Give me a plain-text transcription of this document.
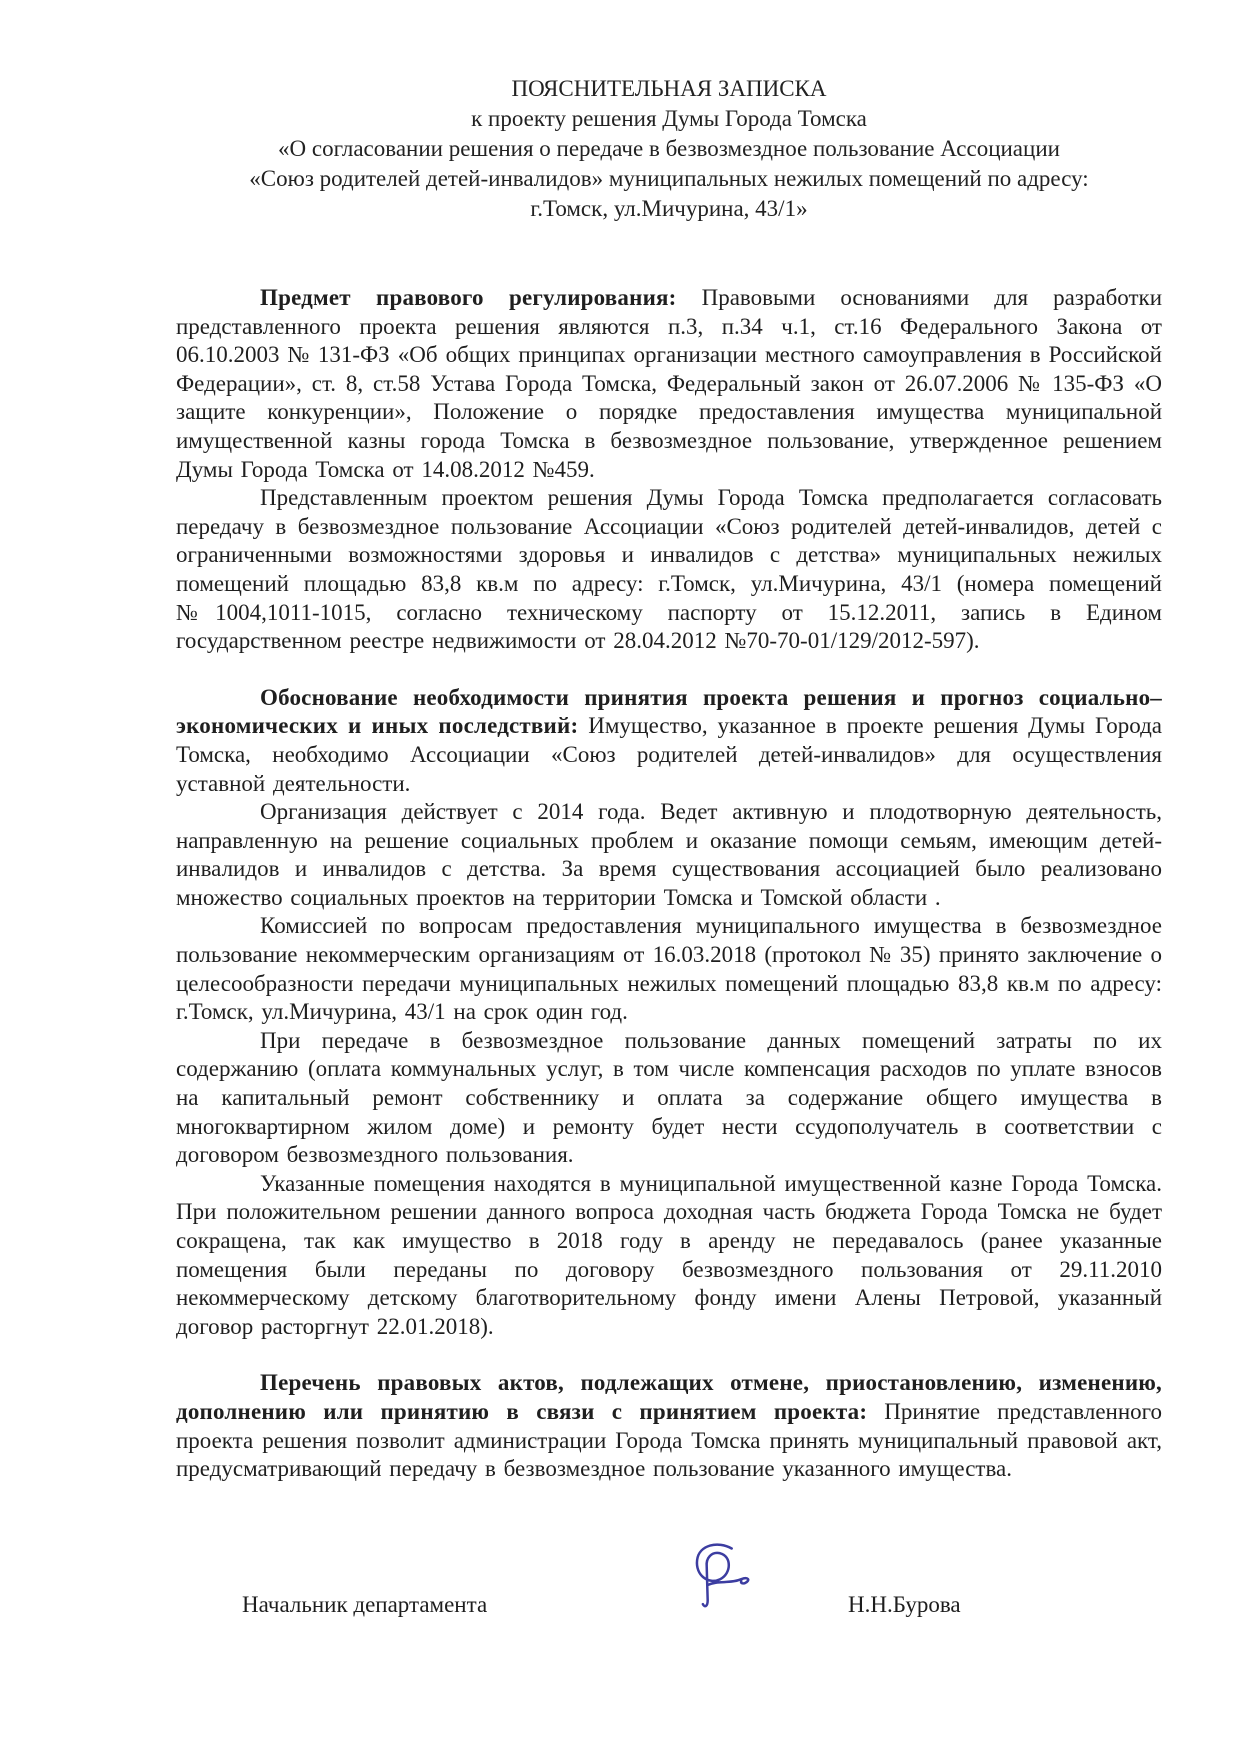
ПОЯСНИТЕЛЬНАЯ ЗАПИСКА
к проекту решения Думы Города Томска
«О согласовании решения о передаче в безвозмездное пользование Ассоциации
«Союз родителей детей-инвалидов» муниципальных нежилых помещений по адресу:
г.Томск, ул.Мичурина, 43/1»

Предмет правового регулирования: Правовыми основаниями для разработки представленного проекта решения являются п.3, п.34 ч.1, ст.16 Федерального Закона от 06.10.2003 № 131-ФЗ «Об общих принципах организации местного самоуправления в Российской Федерации», ст. 8, ст.58 Устава Города Томска, Федеральный закон от 26.07.2006 № 135-ФЗ «О защите конкуренции», Положение о порядке предоставления имущества муниципальной имущественной казны города Томска в безвозмездное пользование, утвержденное решением Думы Города Томска от 14.08.2012 №459.

Представленным проектом решения Думы Города Томска предполагается согласовать передачу в безвозмездное пользование Ассоциации «Союз родителей детей-инвалидов, детей с ограниченными возможностями здоровья и инвалидов с детства» муниципальных нежилых помещений площадью 83,8 кв.м по адресу: г.Томск, ул.Мичурина, 43/1 (номера помещений №1004,1011-1015, согласно техническому паспорту от 15.12.2011, запись в Едином государственном реестре недвижимости от 28.04.2012 №70-70-01/129/2012-597).

Обоснование необходимости принятия проекта решения и прогноз социально–экономических и иных последствий: Имущество, указанное в проекте решения Думы Города Томска, необходимо Ассоциации «Союз родителей детей-инвалидов» для осуществления уставной деятельности.

Организация действует с 2014 года. Ведет активную и плодотворную деятельность, направленную на решение социальных проблем и оказание помощи семьям, имеющим детей-инвалидов и инвалидов с детства. За время существования ассоциацией было реализовано множество социальных проектов на территории Томска и Томской области .

Комиссией по вопросам предоставления муниципального имущества в безвозмездное пользование некоммерческим организациям от 16.03.2018 (протокол № 35) принято заключение о целесообразности передачи муниципальных нежилых помещений площадью 83,8 кв.м по адресу: г.Томск, ул.Мичурина, 43/1 на срок один год.

При передаче в безвозмездное пользование данных помещений затраты по их содержанию (оплата коммунальных услуг, в том числе компенсация расходов по уплате взносов на капитальный ремонт собственнику и оплата за содержание общего имущества в многоквартирном жилом доме) и ремонту будет нести ссудополучатель в соответствии с договором безвозмездного пользования.

Указанные помещения находятся в муниципальной имущественной казне Города Томска. При положительном решении данного вопроса доходная часть бюджета Города Томска не будет сокращена, так как имущество в 2018 году в аренду не передавалось (ранее указанные помещения были переданы по договору безвозмездного пользования от 29.11.2010 некоммерческому детскому благотворительному фонду имени Алены Петровой, указанный договор расторгнут 22.01.2018).

Перечень правовых актов, подлежащих отмене, приостановлению, изменению, дополнению или принятию в связи с принятием проекта: Принятие представленного проекта решения позволит администрации Города Томска принять муниципальный правовой акт, предусматривающий передачу в безвозмездное пользование указанного имущества.

Начальник департамента	Н.Н.Бурова
